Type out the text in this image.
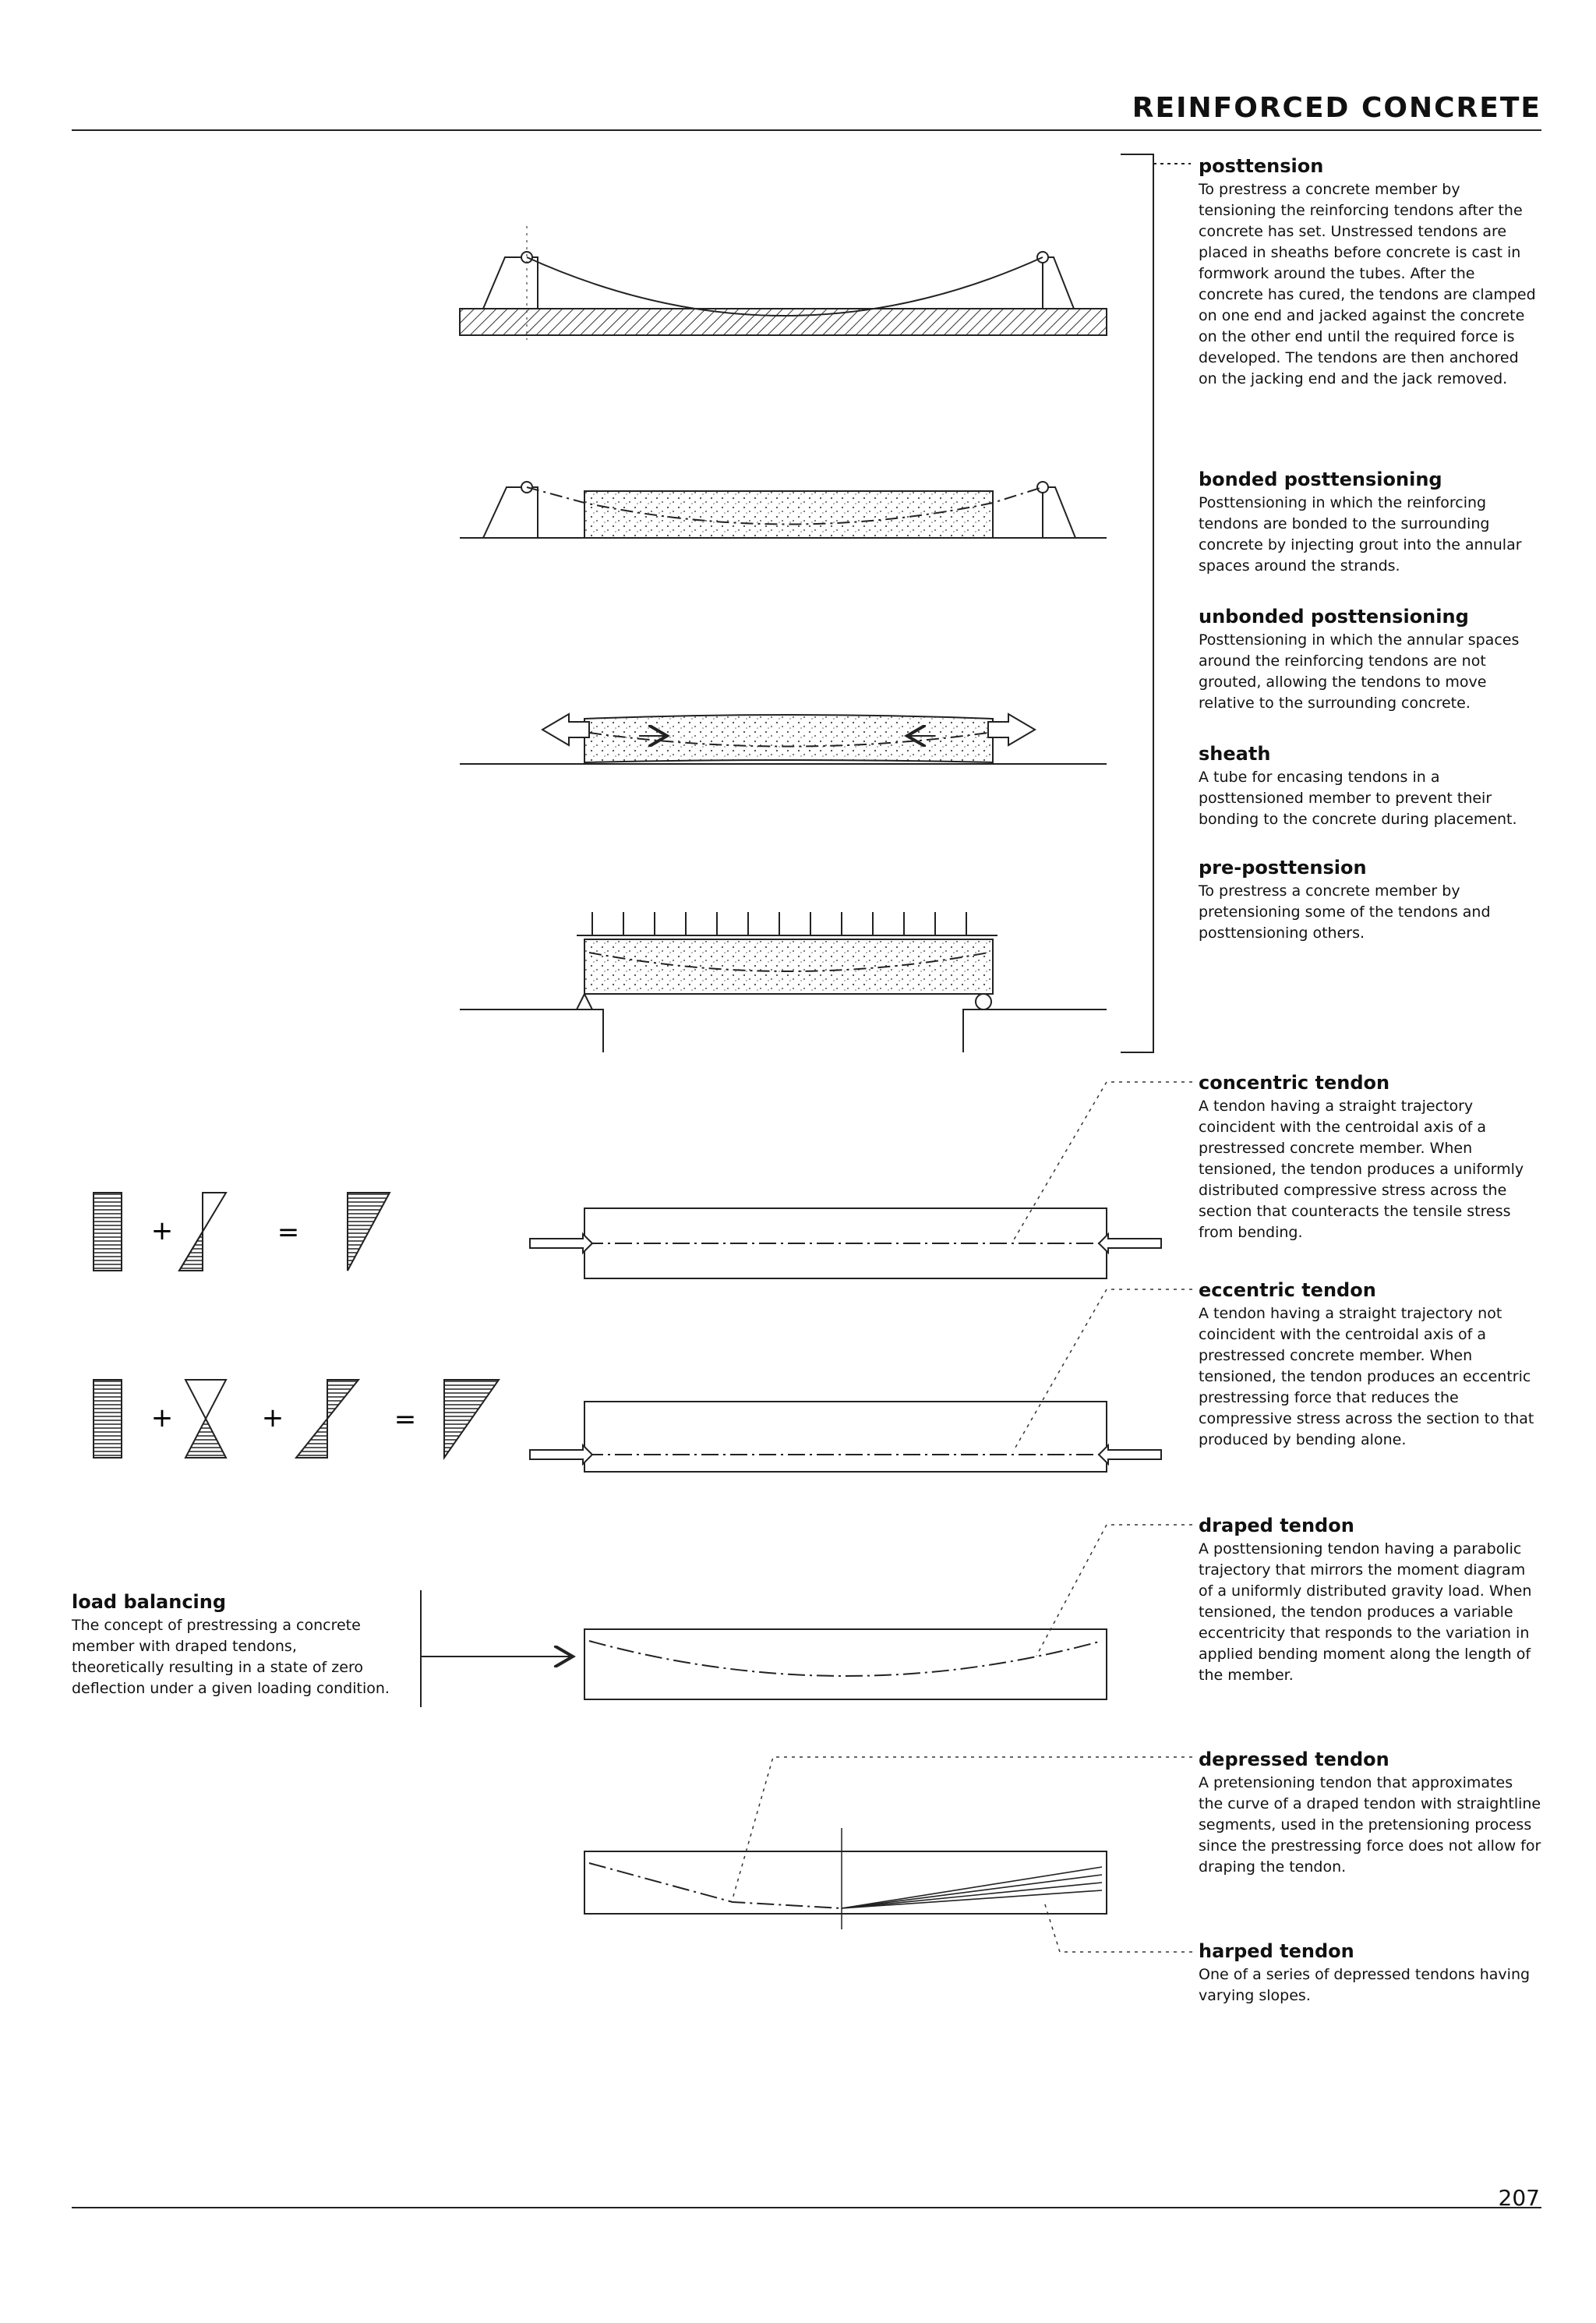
REINFORCED CONCRETE
posttension
To prestress a concrete member by tensioning the reinforcing tendons after the concrete has set. Unstressed tendons are placed in sheaths before concrete is cast in formwork around the tubes. After the concrete has cured, the tendons are clamped on one end and jacked against the concrete on the other end until the required force is developed. The tendons are then anchored on the jacking end and the jack removed.
bonded posttensioning
Posttensioning in which the reinforcing tendons are bonded to the surrounding concrete by injecting grout into the annular spaces around the strands.
unbonded posttensioning
Posttensioning in which the annular spaces around the reinforcing tendons are not grouted, allowing the tendons to move relative to the surrounding concrete.
sheath
A tube for encasing tendons in a posttensioned member to prevent their bonding to the concrete during placement.
pre-posttension
To prestress a concrete member by pretensioning some of the tendons and posttensioning others.
concentric tendon
A tendon having a straight trajectory coincident with the centroidal axis of a prestressed concrete member. When tensioned, the tendon produces a uniformly distributed compressive stress across the section that counteracts the tensile stress from bending.
eccentric tendon
A tendon having a straight trajectory not coincident with the centroidal axis of a prestressed concrete member. When tensioned, the tendon produces an eccentric prestressing force that reduces the compressive stress across the section to that produced by bending alone.
draped tendon
A posttensioning tendon having a parabolic trajectory that mirrors the moment diagram of a uniformly distributed gravity load. When tensioned, the tendon produces a variable eccentricity that responds to the variation in applied bending moment along the length of the member.
depressed tendon
A pretensioning tendon that approximates the curve of a draped tendon with straightline segments, used in the pretensioning process since the prestressing force does not allow for draping the tendon.
harped tendon
One of a series of depressed tendons having varying slopes.
load balancing
The concept of prestressing a concrete member with draped tendons, theoretically resulting in a state of zero deflection under a given loading condition.
+	=
+	+	=
207
